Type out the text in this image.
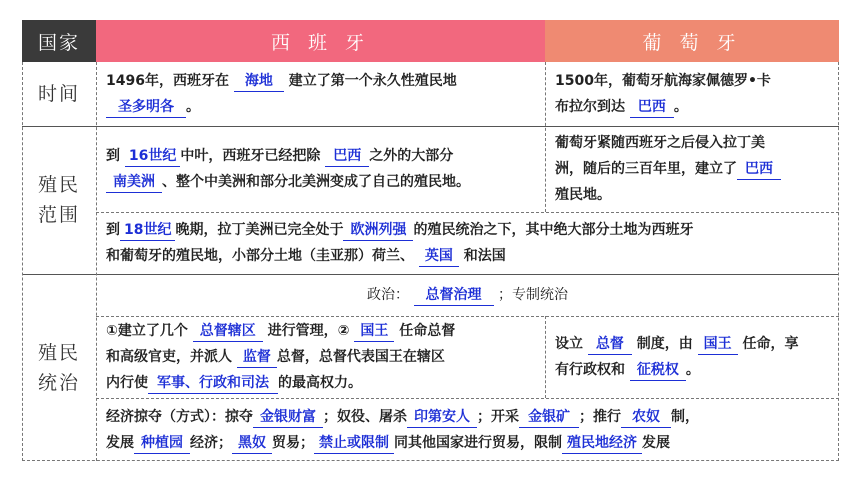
国家	西 班 牙	葡 萄 牙
时间
殖民
范围
殖民
统治
1496年，西班牙在 海地 建立了第一个永久性殖民地
圣多明各 。
1500年，葡萄牙航海家佩德罗•卡
布拉尔到达 巴西 。
到 16世纪 中叶，西班牙已经把除 巴西 之外的大部分
南美洲 、整个中美洲和部分北美洲变成了自己的殖民地。
葡萄牙紧随西班牙之后侵入拉丁美
洲，随后的三百年里，建立了 巴西
殖民地。
到 18世纪 晚期，拉丁美洲已完全处于 欧洲列强 的殖民统治之下，其中绝大部分土地为西班牙
和葡萄牙的殖民地，小部分土地（圭亚那）荷兰、 英国 和法国
政治： 总督治理 ；专制统治
①建立了几个 总督辖区 进行管理，② 国王 任命总督
和高级官吏，并派人 监督 总督，总督代表国王在辖区
内行使 军事、行政和司法 的最高权力。
设立 总督 制度，由 国王 任命，享
有行政权和 征税权 。
经济掠夺（方式）：掠夺 金银财富 ；奴役、屠杀 印第安人 ；开采 金银矿 ；推行 农奴 制，
发展 种植园 经济； 黑奴 贸易； 禁止或限制 同其他国家进行贸易，限制 殖民地经济 发展
